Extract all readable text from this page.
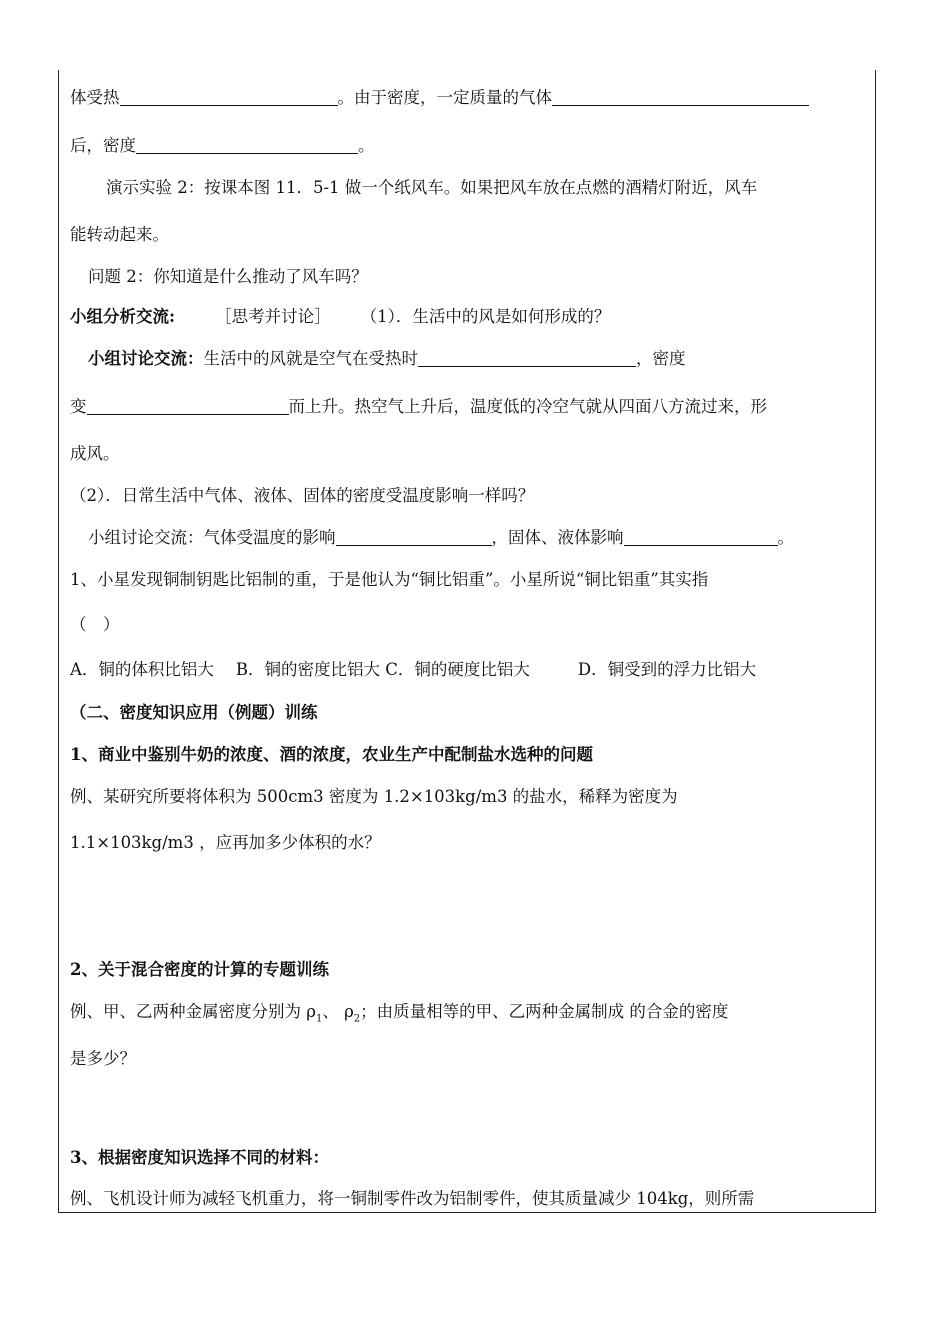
体受热	。由于密度，一定质量的气体
后，密度	。
演示实验 2：按课本图 11．5-1 做一个纸风车。如果把风车放在点燃的酒精灯附近，风车
能转动起来。
问题 2：你知道是什么推动了风车吗？
小组分析交流: ［思考并讨论］ （1）．生活中的风是如何形成的？
小组讨论交流：生活中的风就是空气在受热时	，密度
变	而上升。热空气上升后，温度低的冷空气就从四面八方流过来，形
成风。
（2）．日常生活中气体、液体、固体的密度受温度影响一样吗？
小组讨论交流：气体受温度的影响	，固体、液体影响	。
1、小星发现铜制钥匙比铝制的重，于是他认为“铜比铝重”。小星所说“铜比铝重”其实指
（　）
A．铜的体积比铝大 B．铜的密度比铝大 C．铜的硬度比铝大	D．铜受到的浮力比铝大
（二、密度知识应用（例题）训练
1、商业中鉴别牛奶的浓度、酒的浓度，农业生产中配制盐水选种的问题
例、某研究所要将体积为 500cm3 密度为 1.2×103kg/m3 的盐水，稀释为密度为
1.1×103kg/m3 ，应再加多少体积的水？
2、关于混合密度的计算的专题训练
例、甲、乙两种金属密度分别为 $\rho_1$、 $\rho_2$；由质量相等的甲、乙两种金属制成 的合金的密度
是多少？
3、根据密度知识选择不同的材料：
例、飞机设计师为减轻飞机重力，将一铜制零件改为铝制零件，使其质量减少 104kg，则所需
